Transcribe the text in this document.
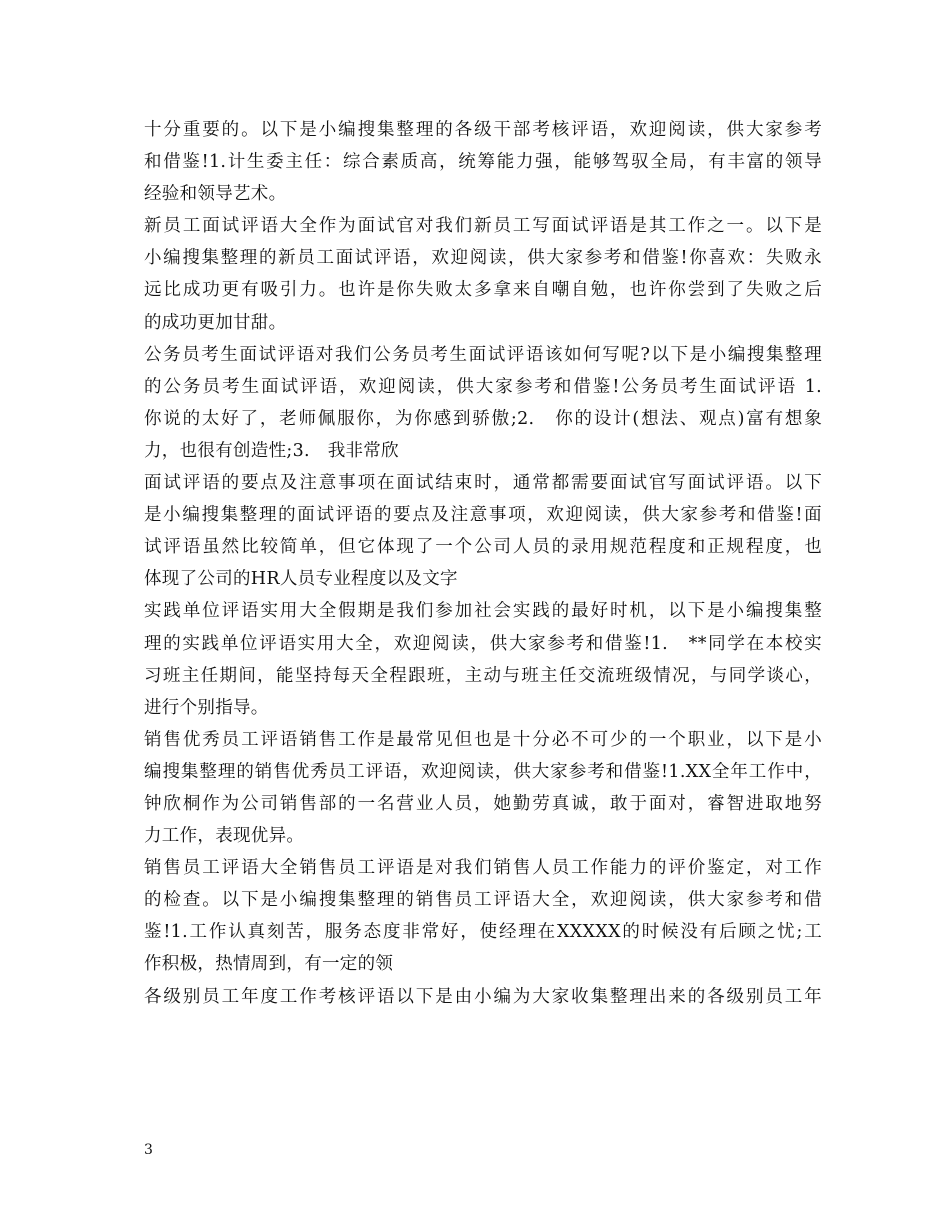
十分重要的。以下是小编搜集整理的各级干部考核评语，欢迎阅读，供大家参考
和借鉴!1.计生委主任：综合素质高，统筹能力强，能够驾驭全局，有丰富的领导
经验和领导艺术。
新员工面试评语大全作为面试官对我们新员工写面试评语是其工作之一。以下是
小编搜集整理的新员工面试评语，欢迎阅读，供大家参考和借鉴!你喜欢：失败永
远比成功更有吸引力。也许是你失败太多拿来自嘲自勉，也许你尝到了失败之后
的成功更加甘甜。
公务员考生面试评语对我们公务员考生面试评语该如何写呢?以下是小编搜集整理
的公务员考生面试评语，欢迎阅读，供大家参考和借鉴!公务员考生面试评语 1.
你说的太好了，老师佩服你，为你感到骄傲;2.　你的设计(想法、观点)富有想象
力，也很有创造性;3.　我非常欣
面试评语的要点及注意事项在面试结束时，通常都需要面试官写面试评语。以下
是小编搜集整理的面试评语的要点及注意事项，欢迎阅读，供大家参考和借鉴!面
试评语虽然比较简单，但它体现了一个公司人员的录用规范程度和正规程度，也
体现了公司的HR人员专业程度以及文字
实践单位评语实用大全假期是我们参加社会实践的最好时机，以下是小编搜集整
理的实践单位评语实用大全，欢迎阅读，供大家参考和借鉴!1.　**同学在本校实
习班主任期间，能坚持每天全程跟班，主动与班主任交流班级情况，与同学谈心，
进行个别指导。
销售优秀员工评语销售工作是最常见但也是十分必不可少的一个职业，以下是小
编搜集整理的销售优秀员工评语，欢迎阅读，供大家参考和借鉴!1.XX全年工作中，
钟欣桐作为公司销售部的一名营业人员，她勤劳真诚，敢于面对，睿智进取地努
力工作，表现优异。
销售员工评语大全销售员工评语是对我们销售人员工作能力的评价鉴定，对工作
的检查。以下是小编搜集整理的销售员工评语大全，欢迎阅读，供大家参考和借
鉴!1.工作认真刻苦，服务态度非常好，使经理在XXXXX的时候没有后顾之忧;工
作积极，热情周到，有一定的领
各级别员工年度工作考核评语以下是由小编为大家收集整理出来的各级别员工年
3
